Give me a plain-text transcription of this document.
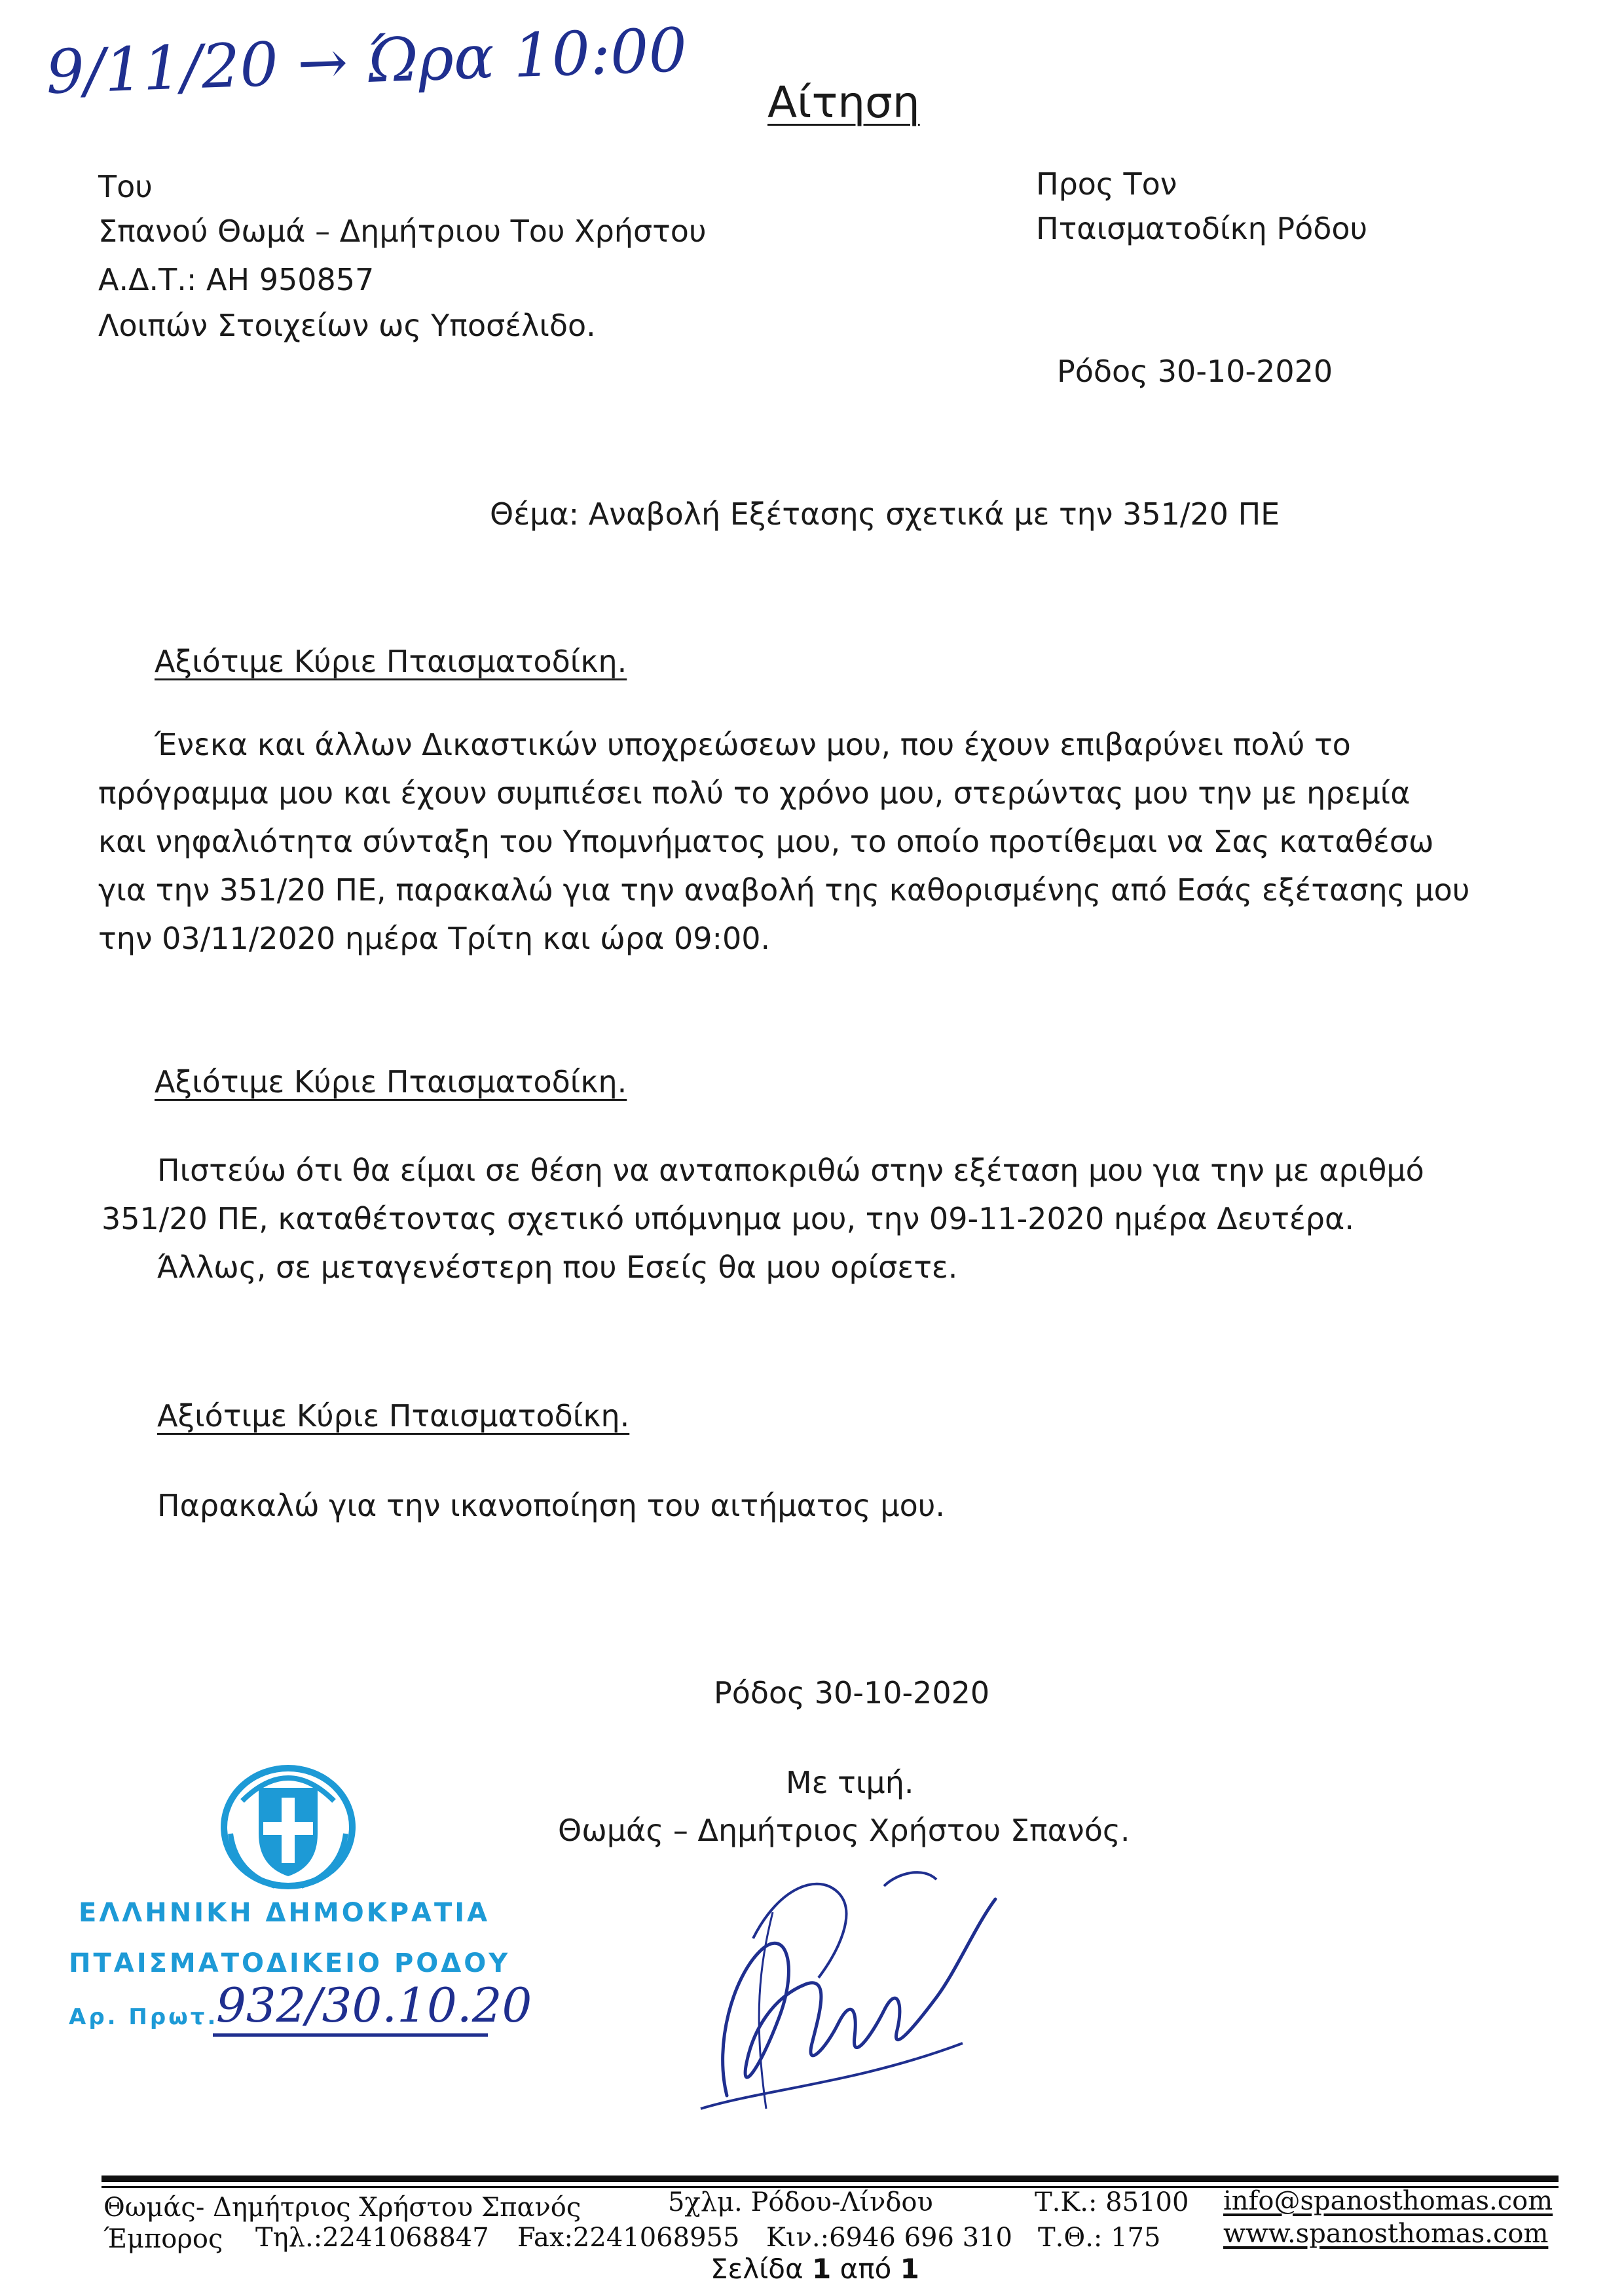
9/11/20 → Ώρα 10:00 Αίτηση
Του
Σπανού Θωμά – Δημήτριου Του Χρήστου
Α.Δ.Τ.: ΑΗ 950857
Λοιπών Στοιχείων ως Υποσέλιδο.
Προς Τον
Πταισματοδίκη Ρόδου
Ρόδος 30-10-2020
Θέμα: Αναβολή Εξέτασης σχετικά με την 351/20 ΠΕ
Αξιότιμε Κύριε Πταισματοδίκη.
Ένεκα και άλλων Δικαστικών υποχρεώσεων μου, που έχουν επιβαρύνει πολύ το
πρόγραμμα μου και έχουν συμπιέσει πολύ το χρόνο μου, στερώντας μου την με ηρεμία
και νηφαλιότητα σύνταξη του Υπομνήματος μου, το οποίο προτίθεμαι να Σας καταθέσω
για την 351/20 ΠΕ, παρακαλώ για την αναβολή της καθορισμένης από Εσάς εξέτασης μου
την 03/11/2020 ημέρα Τρίτη και ώρα 09:00.
Αξιότιμε Κύριε Πταισματοδίκη.
Πιστεύω ότι θα είμαι σε θέση να ανταποκριθώ στην εξέταση μου για την με αριθμό
351/20 ΠΕ, καταθέτοντας σχετικό υπόμνημα μου, την 09-11-2020 ημέρα Δευτέρα.
Άλλως, σε μεταγενέστερη που Εσείς θα μου ορίσετε.
Αξιότιμε Κύριε Πταισματοδίκη.
Παρακαλώ για την ικανοποίηση του αιτήματος μου.
Ρόδος 30-10-2020
Με τιμή.
Θωμάς – Δημήτριος Χρήστου Σπανός.
ΕΛΛΗΝΙΚΗ ΔΗΜΟΚΡΑΤΙΑ
ΠΤΑΙΣΜΑΤΟΔΙΚΕΙΟ ΡΟΔΟΥ
Αρ. Πρωτ.
932/30.10.20
Θωμάς- Δημήτριος Χρήστου Σπανός	5χλμ. Ρόδου-Λίνδου	Τ.Κ.: 85100 info@spanosthomas.com
Έμπορος Τηλ.:2241068847 Fax:2241068955 Κιν.:6946 696 310 Τ.Θ.: 175 www.spanosthomas.com
Σελίδα 1 από 1
